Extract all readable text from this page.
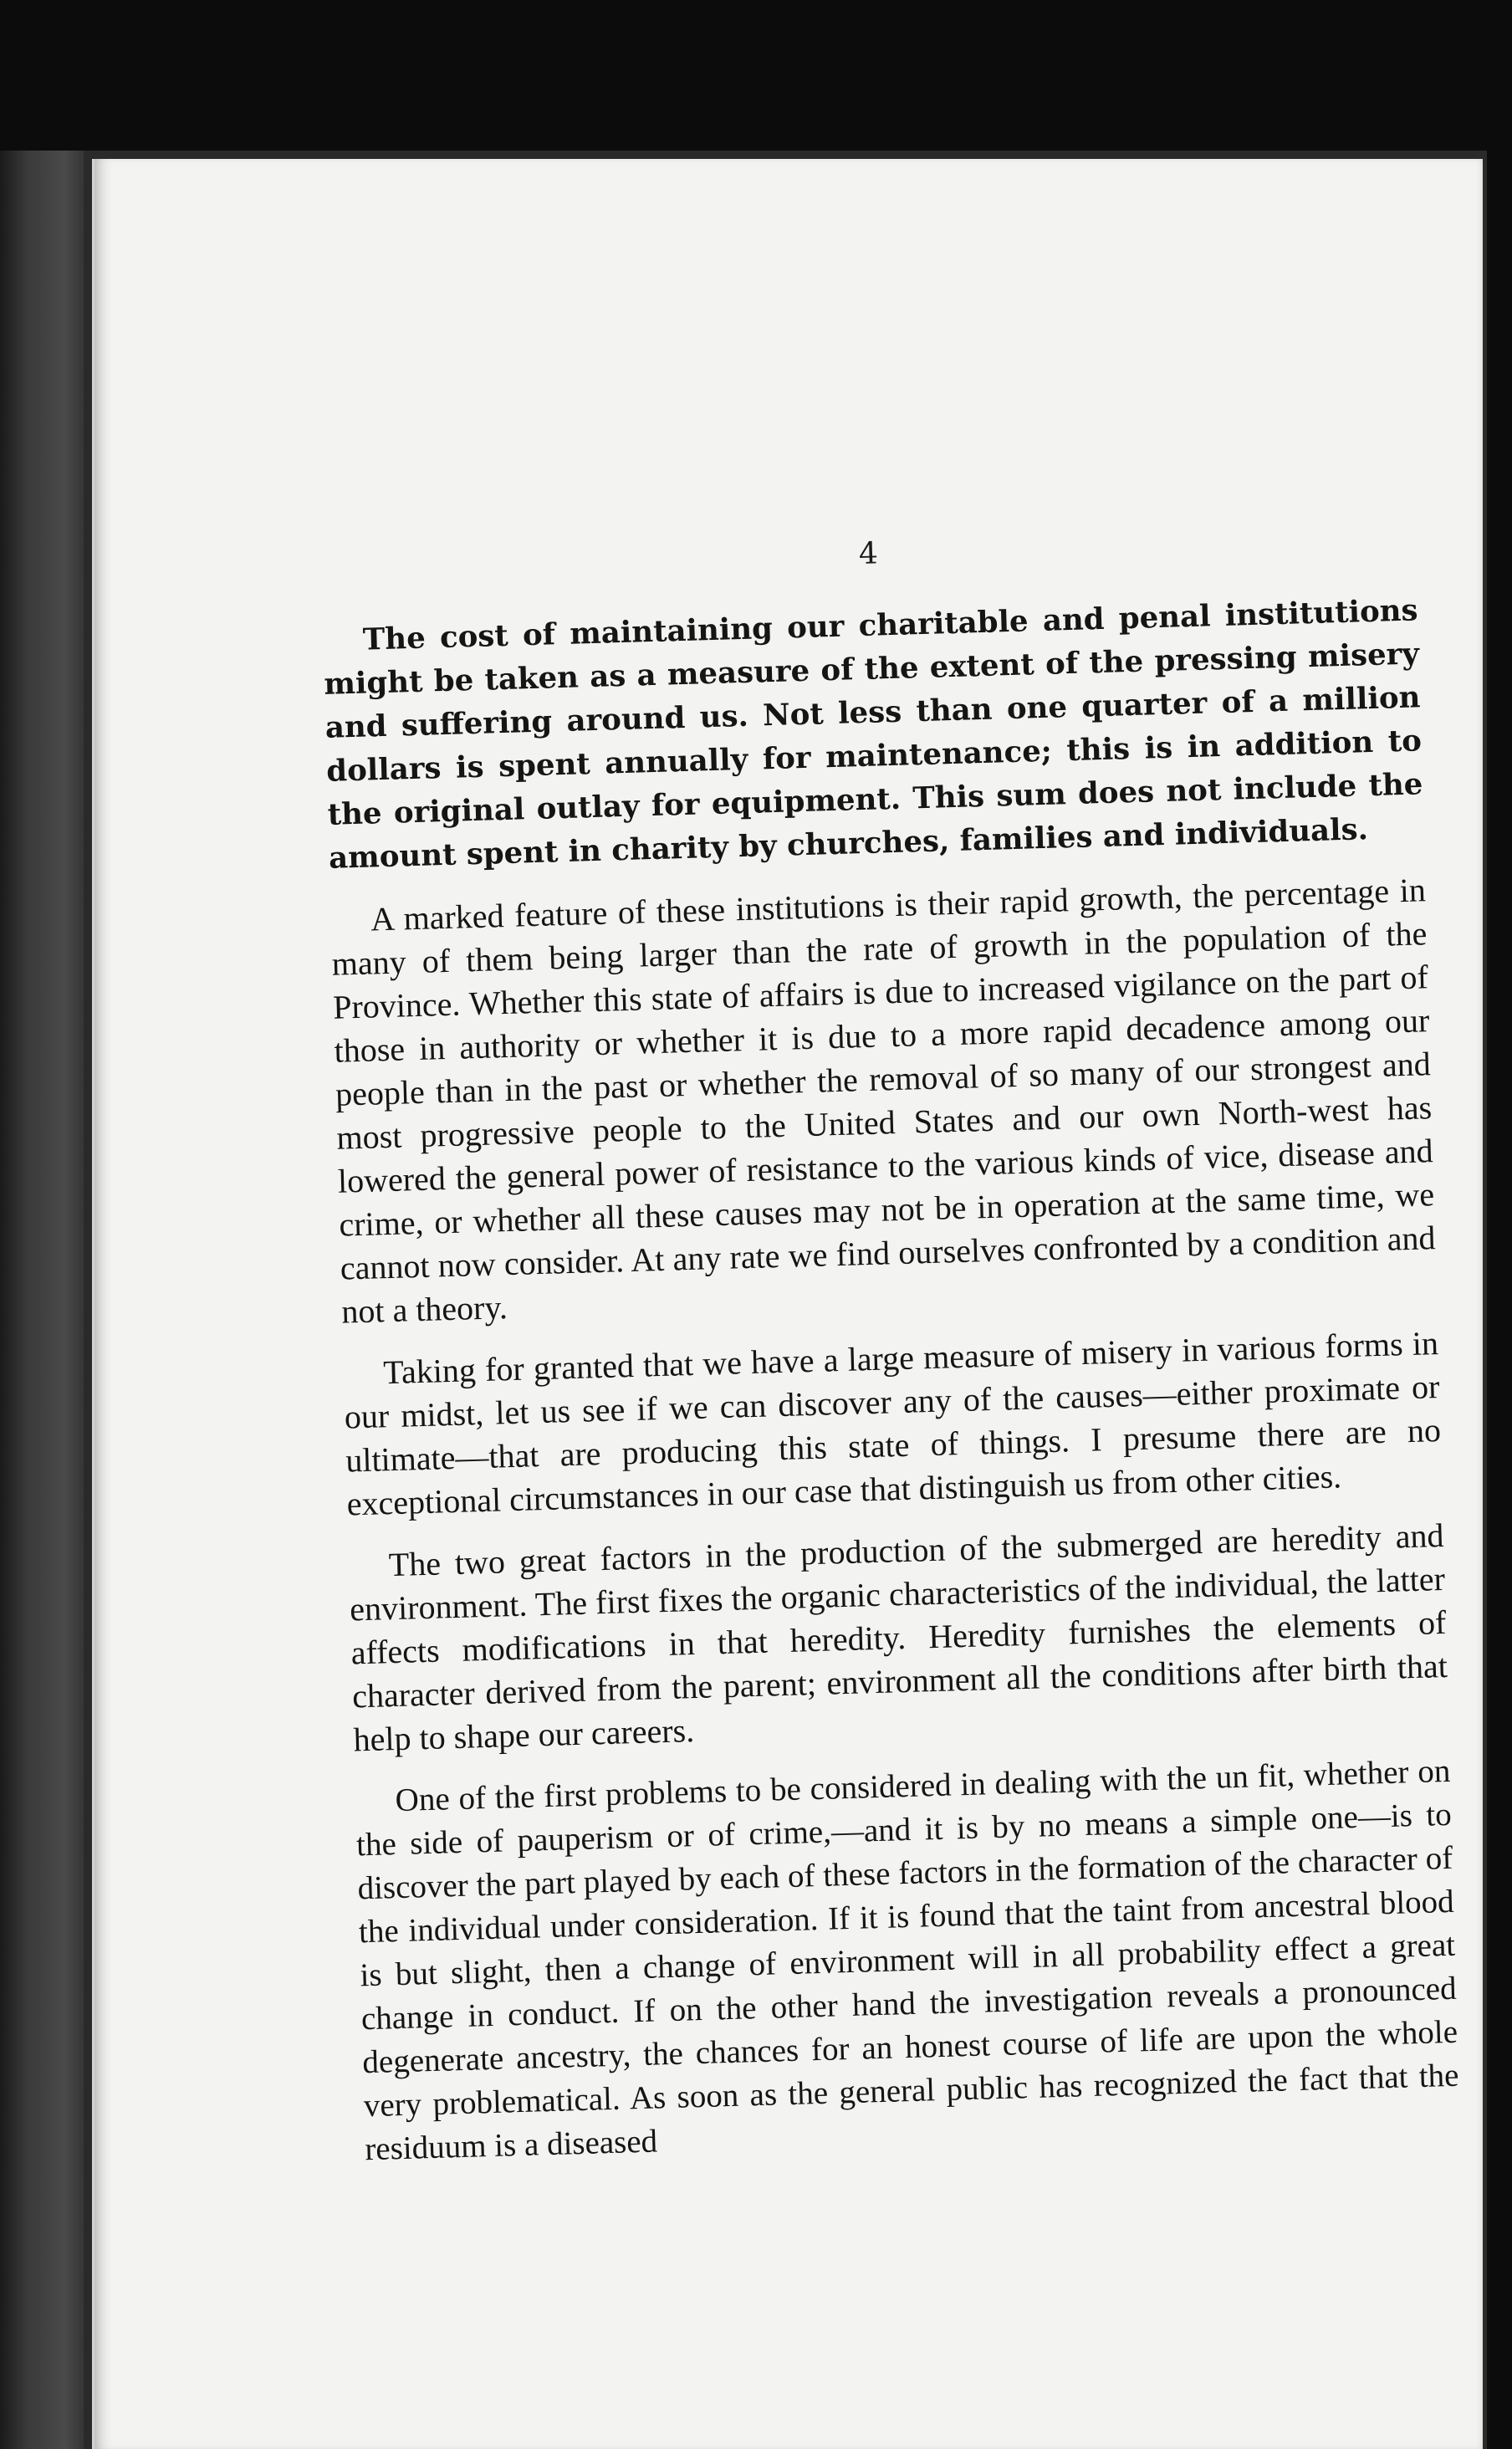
4

The cost of maintaining our charitable and penal institutions might be taken as a measure of the extent of the pressing misery and suffering around us. Not less than one quarter of a million dollars is spent annually for maintenance; this is in addition to the original outlay for equipment. This sum does not include the amount spent in charity by churches, families and individuals.

A marked feature of these institutions is their rapid growth, the percentage in many of them being larger than the rate of growth in the population of the Province. Whether this state of affairs is due to increased vigilance on the part of those in authority or whether it is due to a more rapid decadence among our people than in the past or whether the removal of so many of our strongest and most progressive people to the United States and our own North-west has lowered the general power of resistance to the various kinds of vice, disease and crime, or whether all these causes may not be in operation at the same time, we cannot now consider. At any rate we find ourselves confronted by a condition and not a theory.

Taking for granted that we have a large measure of misery in various forms in our midst, let us see if we can discover any of the causes—either proximate or ultimate—that are producing this state of things. I presume there are no exceptional circumstances in our case that distinguish us from other cities.

The two great factors in the production of the submerged are heredity and environment. The first fixes the organic characteristics of the individual, the latter affects modifications in that heredity. Heredity furnishes the elements of character derived from the parent; environment all the conditions after birth that help to shape our careers.

One of the first problems to be considered in dealing with the un fit, whether on the side of pauperism or of crime,—and it is by no means a simple one—is to discover the part played by each of these factors in the formation of the character of the individual under consideration. If it is found that the taint from ancestral blood is but slight, then a change of environment will in all probability effect a great change in conduct. If on the other hand the investigation reveals a pronounced degenerate ancestry, the chances for an honest course of life are upon the whole very problematical. As soon as the general public has recognized the fact that the residuum is a diseased
